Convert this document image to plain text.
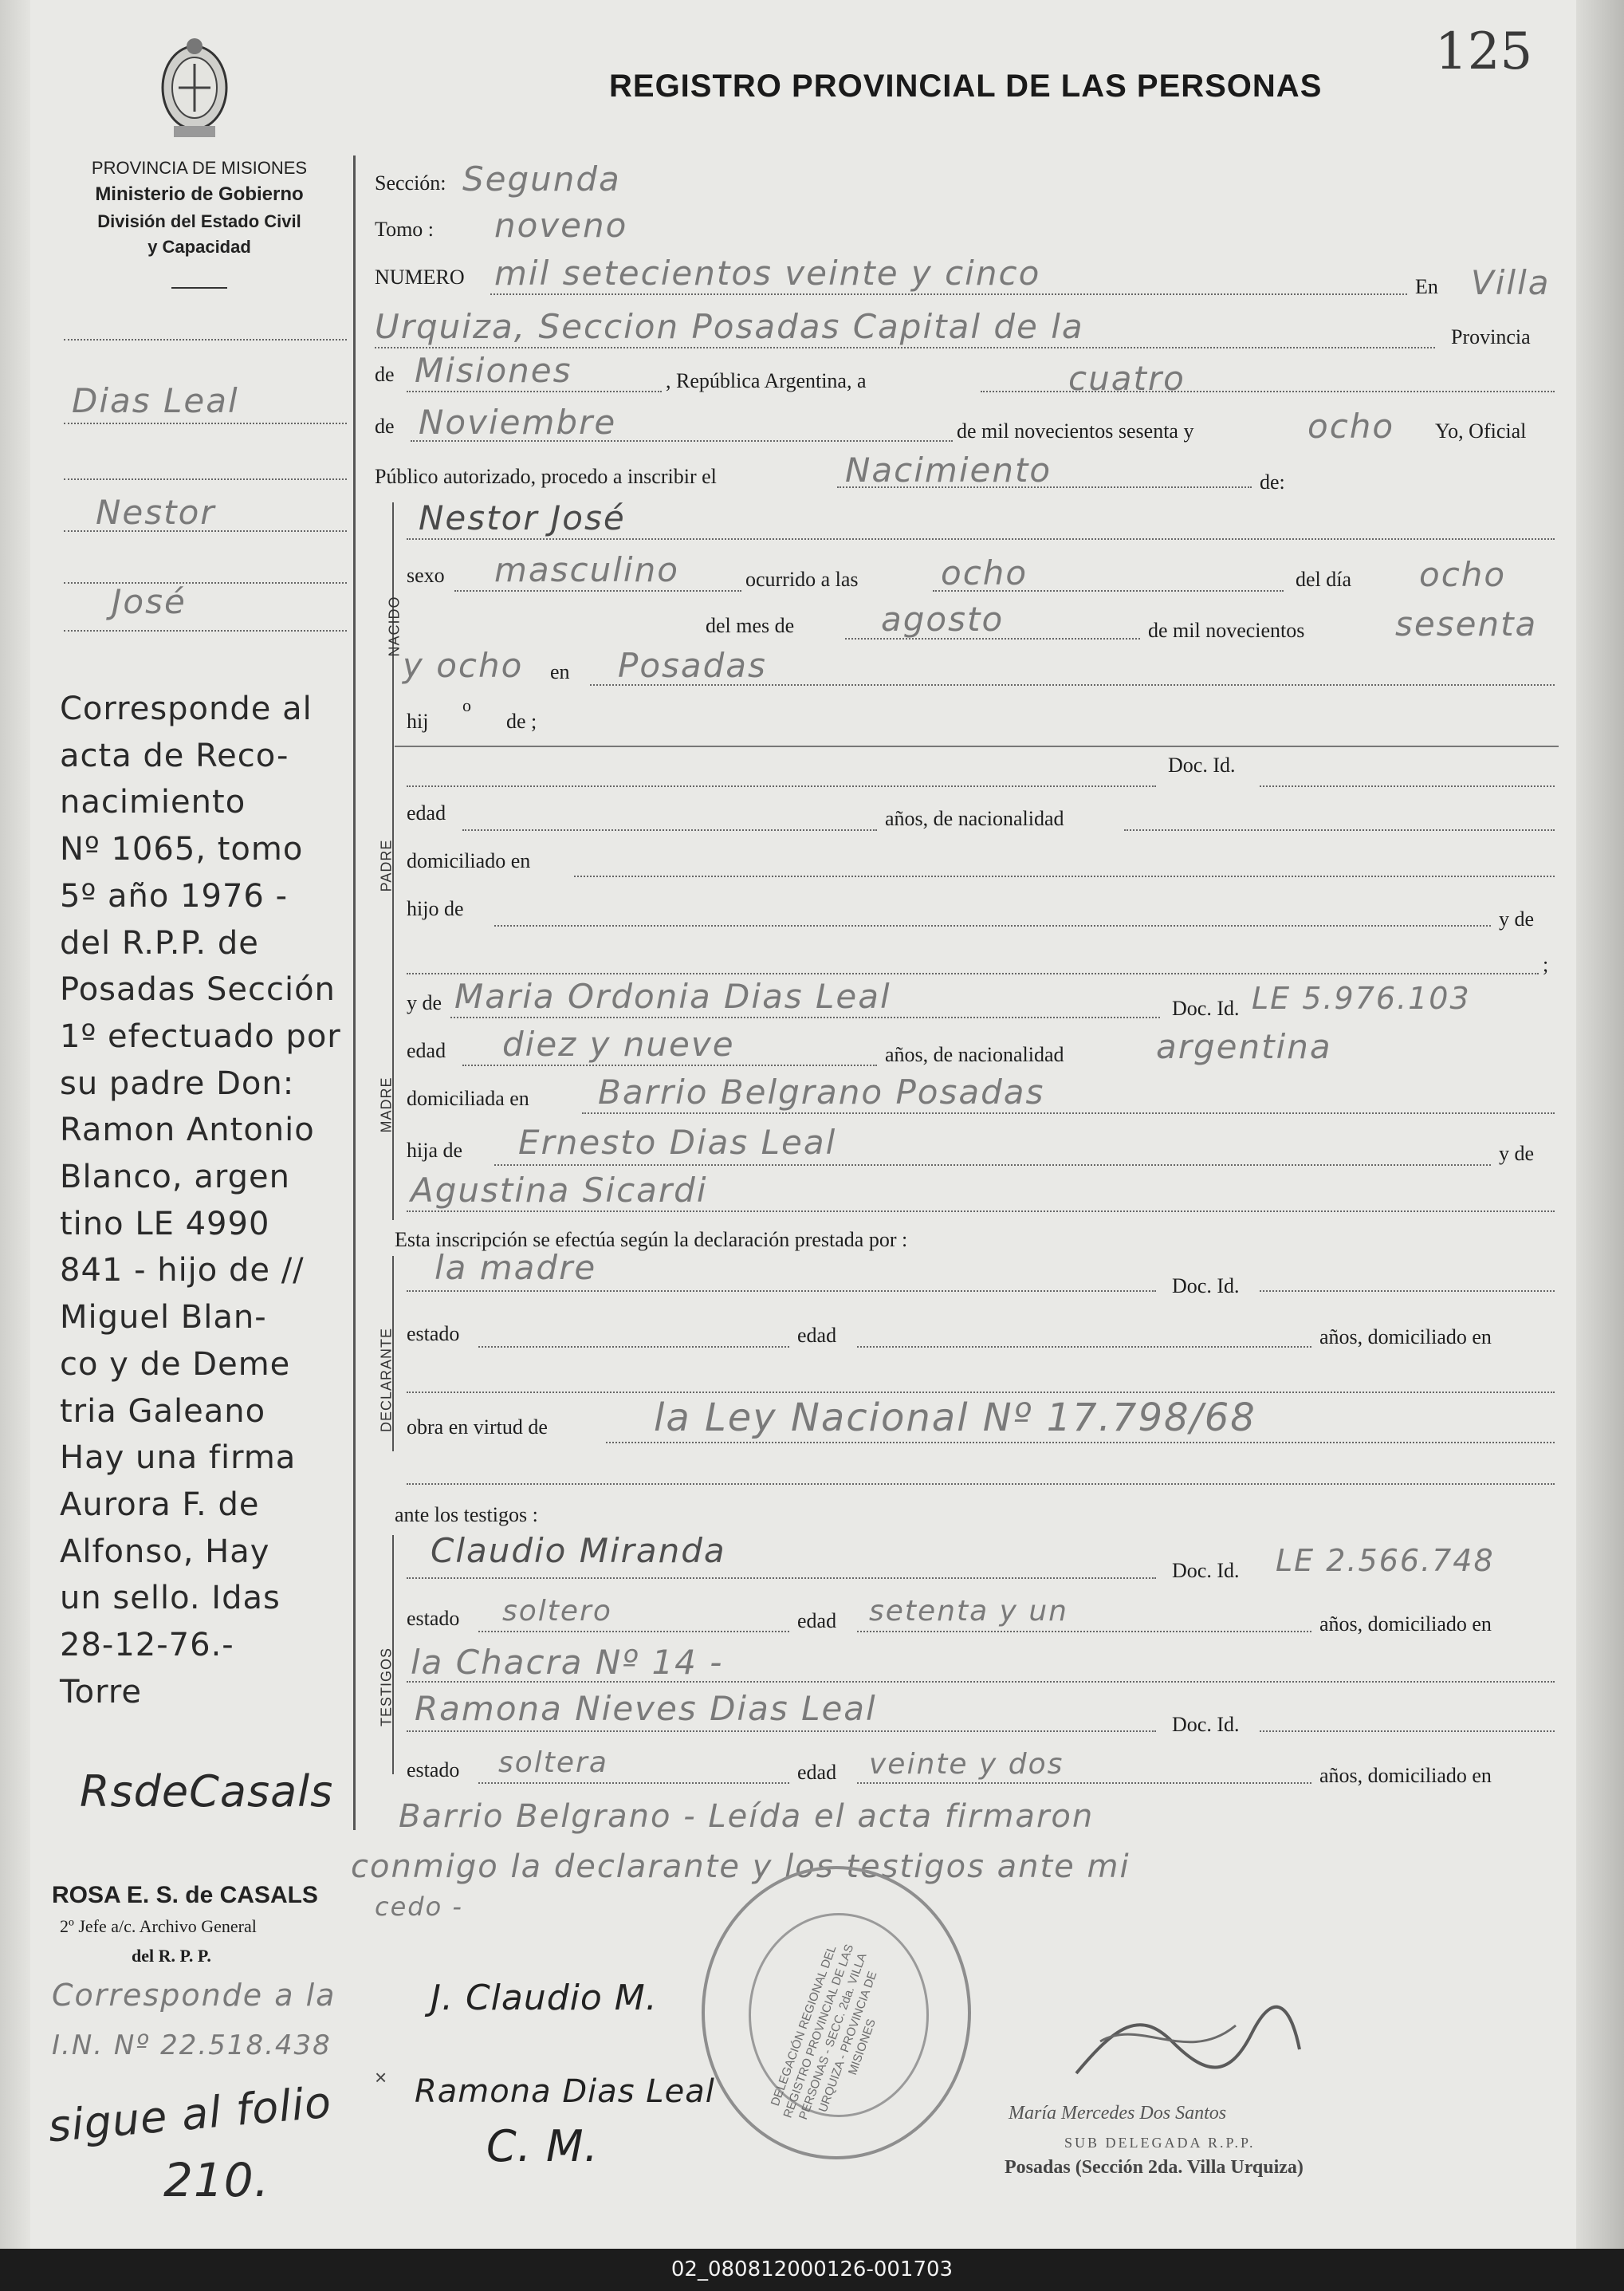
PROVINCIA DE MISIONES
Ministerio de Gobierno
División del Estado Civil
y Capacidad
REGISTRO PROVINCIAL DE LAS PERSONAS
125
Dias Leal
Nestor
José
Corresponde al
acta de Reco-
nacimiento
Nº 1065, tomo
5º año 1976 -
del R.P.P. de
Posadas Sección
1º efectuado por
su padre Don:
Ramon Antonio
Blanco, argen
tino LE 4990
841 - hijo de //
Miguel Blan-
co y de Deme
tria Galeano
Hay una firma
Aurora F. de
Alfonso, Hay
un sello. Idas
28-12-76.-
Torre
RsdeCasals
ROSA E. S. de CASALS
2º Jefe a/c. Archivo General
del R. P. P.
Corresponde a la
I.N. Nº 22.518.438
sigue al folio
210.
Sección: Segunda
Tomo : noveno
NUMERO mil setecientos veinte y cinco	En Villa
Urquiza, Seccion Posadas Capital de la	Provincia
de Misiones	, República Argentina, a	cuatro
de Noviembre	de mil novecientos sesenta y	ocho Yo, Oficial
Público autorizado, procedo a inscribir el	Nacimiento	de:
NACIDO
Nestor José
sexo masculino	ocurrido a las ocho	del día ocho
del mes de	agosto	de mil novecientos	sesenta
y ocho en Posadas
hij
o
de ;
PADRE
Doc. Id.
edad	años, de nacionalidad
domiciliado en
hijo de	y de
;
MADRE
y de Maria Ordonia Dias Leal	Doc. Id. LE 5.976.103
edad diez y nueve	años, de nacionalidad	argentina
domiciliada en Barrio Belgrano Posadas
hija de Ernesto Dias Leal	y de
Agustina Sicardi
Esta inscripción se efectúa según la declaración prestada por :
DECLARANTE
la madre	Doc. Id.
estado	edad	años, domiciliado en
obra en virtud de	la Ley Nacional Nº 17.798/68
ante los testigos :
TESTIGOS
Claudio Miranda
Doc. Id. LE 2.566.748
estado soltero	edad setenta y un	años, domiciliado en
la Chacra Nº 14 -
Ramona Nieves Dias Leal	Doc. Id.
estado soltera	edad veinte y dos	años, domiciliado en
Barrio Belgrano - Leída el acta firmaron
conmigo la declarante y los testigos ante mi
cedo -
DELEGACIÓN REGIONAL DEL REGISTRO PROVINCIAL DE LAS PERSONAS - SECC. 2da. VILLA URQUIZA - PROVINCIA DE MISIONES
J. Claudio M.
Ramona Dias Leal
C. M.
×
María Mercedes Dos Santos
SUB DELEGADA R.P.P.
Posadas (Sección 2da. Villa Urquiza)
02_080812000126-001703
